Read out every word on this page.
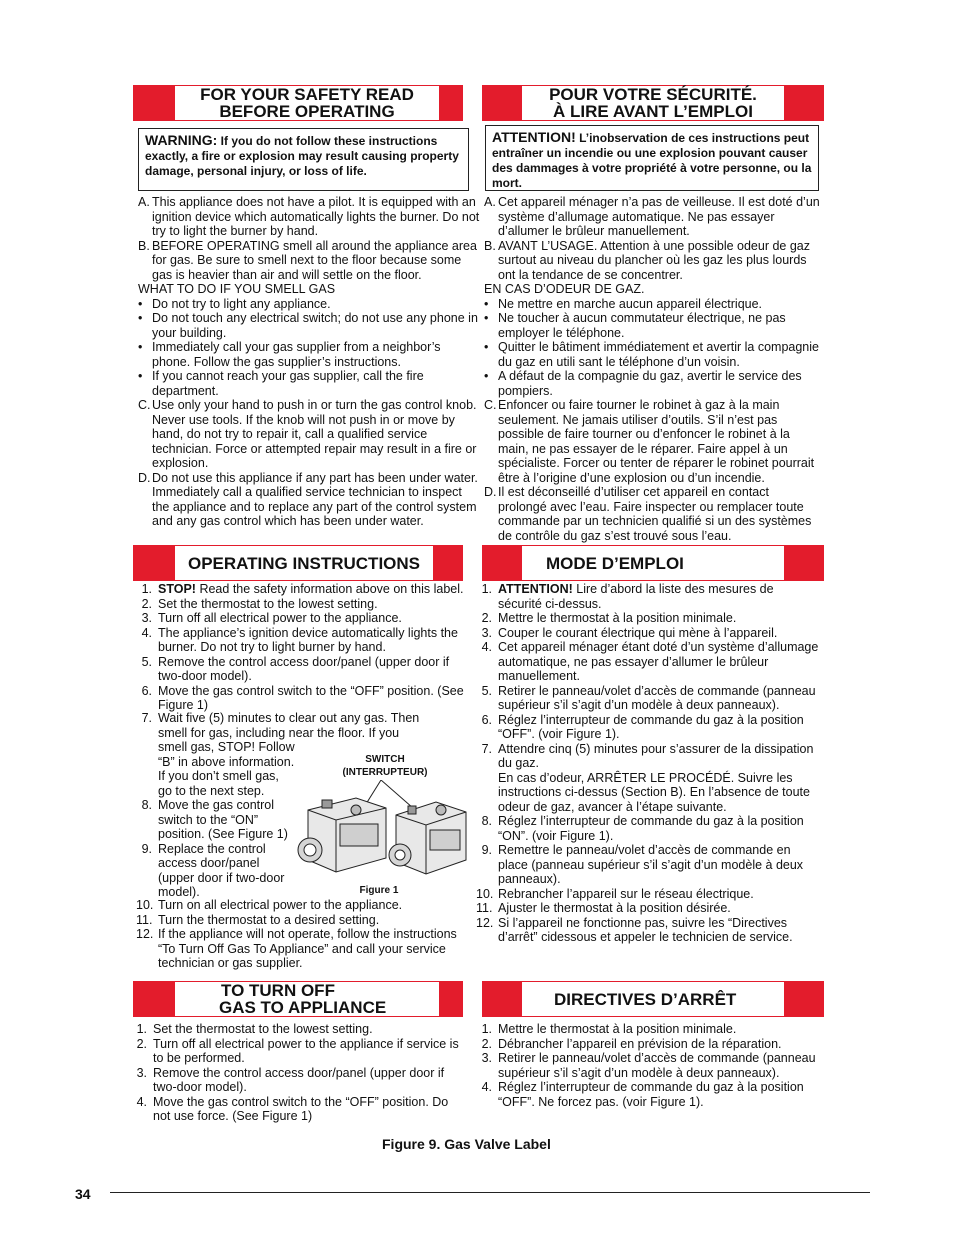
FOR YOUR SAFETY READ
BEFORE OPERATING
POUR VOTRE SÉCURITÉ.
À LIRE AVANT L’EMPLOI
WARNING: If you do not follow these instructions exactly, a fire or explosion may result causing property damage, personal injury, or loss of life.
ATTENTION! L’inobservation de ces instructions peut entraîner un incendie ou une explosion pouvant causer des dammages à votre propriété à votre personne, ou la mort.
A. This appliance does not have a pilot. It is equipped with an ignition device which automatically lights the burner. Do not try to light the burner by hand.
B. BEFORE OPERATING smell all around the appliance area for gas. Be sure to smell next to the floor because some gas is heavier than air and will settle on the floor.
WHAT TO DO IF YOU SMELL GAS
• Do not try to light any appliance.
• Do not touch any electrical switch; do not use any phone in your building.
• Immediately call your gas supplier from a neighbor’s phone. Follow the gas supplier’s instructions.
• If you cannot reach your gas supplier, call the fire department.
C. Use only your hand to push in or turn the gas control knob. Never use tools. If the knob will not push in or move by hand, do not try to repair it, call a qualified service technician. Force or attempted repair may result in a fire or explosion.
D. Do not use this appliance if any part has been under water. Immediately call a qualified service technician to inspect the appliance and to replace any part of the control system and any gas control which has been under water.
A. Cet appareil ménager n’a pas de veilleuse. Il est doté d’un système d’allumage automatique. Ne pas essayer d’allumer le brûleur manuellement.
B. AVANT L’USAGE. Attention à une possible odeur de gaz surtout au niveau du plancher où les gaz les plus lourds ont la tendance de se concentrer.
EN CAS D’ODEUR DE GAZ.
• Ne mettre en marche aucun appareil électrique.
• Ne toucher à aucun commutateur électrique, ne pas employer le téléphone.
• Quitter le bâtiment immédiatement et avertir la compagnie du gaz en utili sant le téléphone d’un voisin.
• A défaut de la compagnie du gaz, avertir le service des pompiers.
C. Enfoncer ou faire tourner le robinet à gaz à la main seulement. Ne jamais utiliser d’outils. S’il n’est pas possible de faire tourner ou d’enfoncer le robinet à la main, ne pas essayer de le réparer. Faire appel à un spécialiste. Forcer ou tenter de réparer le robinet pourrait être à l’origine d’une explosion ou d’un incendie.
D. Il est déconseillé d’utiliser cet appareil en contact prolongé avec l’eau. Faire inspecter ou remplacer toute commande par un technicien qualifié si un des systèmes de contrôle du gaz s’est trouvé sous l’eau.
OPERATING INSTRUCTIONS	MODE D’EMPLOI
1. STOP! Read the safety information above on this label.
2. Set the thermostat to the lowest setting.
3. Turn off all electrical power to the appliance.
4. The appliance’s ignition device automatically lights the burner. Do not try to light burner by hand.
5. Remove the control access door/panel (upper door if two-door model).
6. Move the gas control switch to the “OFF” position. (See Figure 1)
7. Wait five (5) minutes to clear out any gas. Then smell for gas, including near the floor. If you
smell gas, STOP! Follow “B” in above information. If you don’t smell gas, go to the next step.
8. Move the gas control switch to the “ON” position. (See Figure 1)
9. Replace the control access door/panel (upper door if two-door model).
10. Turn on all electrical power to the appliance.
11. Turn the thermostat to a desired setting.
12. If the appliance will not operate, follow the instructions “To Turn Off Gas To Appliance” and call your service technician or gas supplier.
SWITCH
(INTERRUPTEUR)
Figure 1
1. ATTENTION! Lire d’abord la liste des mesures de sécurité ci-dessus.
2. Mettre le thermostat à la position minimale.
3. Couper le courant électrique qui mène à l’appareil.
4. Cet appareil ménager étant doté d’un système d’allumage automatique, ne pas essayer d’allumer le brûleur manuellement.
5. Retirer le panneau/volet d’accès de commande (panneau supérieur s’il s’agit d’un modèle à deux panneaux).
6. Réglez l’interrupteur de commande du gaz à la position “OFF”. (voir Figure 1).
7. Attendre cinq (5) minutes pour s’assurer de la dissipation du gaz.
En cas d’odeur, ARRÊTER LE PROCÉDÉ. Suivre les instructions ci-dessus (Section B). En l’absence de toute odeur de gaz, avancer à l’étape suivante.
8. Réglez l’interrupteur de commande du gaz à la position “ON”. (voir Figure 1).
9. Remettre le panneau/volet d’accès de commande en place (panneau supérieur s’il s’agit d’un modèle à deux panneaux).
10. Rebrancher l’appareil sur le réseau électrique.
11. Ajuster le thermostat à la position désirée.
12. Si l’appareil ne fonctionne pas, suivre les “Directives d’arrêt” cidessous et appeler le technicien de service.
TO TURN OFF
GAS TO APPLIANCE	DIRECTIVES D’ARRÊT
1. Set the thermostat to the lowest setting.
2. Turn off all electrical power to the appliance if service is to be performed.
3. Remove the control access door/panel (upper door if two-door model).
4. Move the gas control switch to the “OFF” position. Do not use force. (See Figure 1)
1. Mettre le thermostat à la position minimale.
2. Débrancher l’appareil en prévision de la réparation.
3. Retirer le panneau/volet d’accès de commande (panneau supérieur s’il s’agit d’un modèle à deux panneaux).
4. Réglez l’interrupteur de commande du gaz à la position “OFF”. Ne forcez pas. (voir Figure 1).
Figure 9. Gas Valve Label
34
